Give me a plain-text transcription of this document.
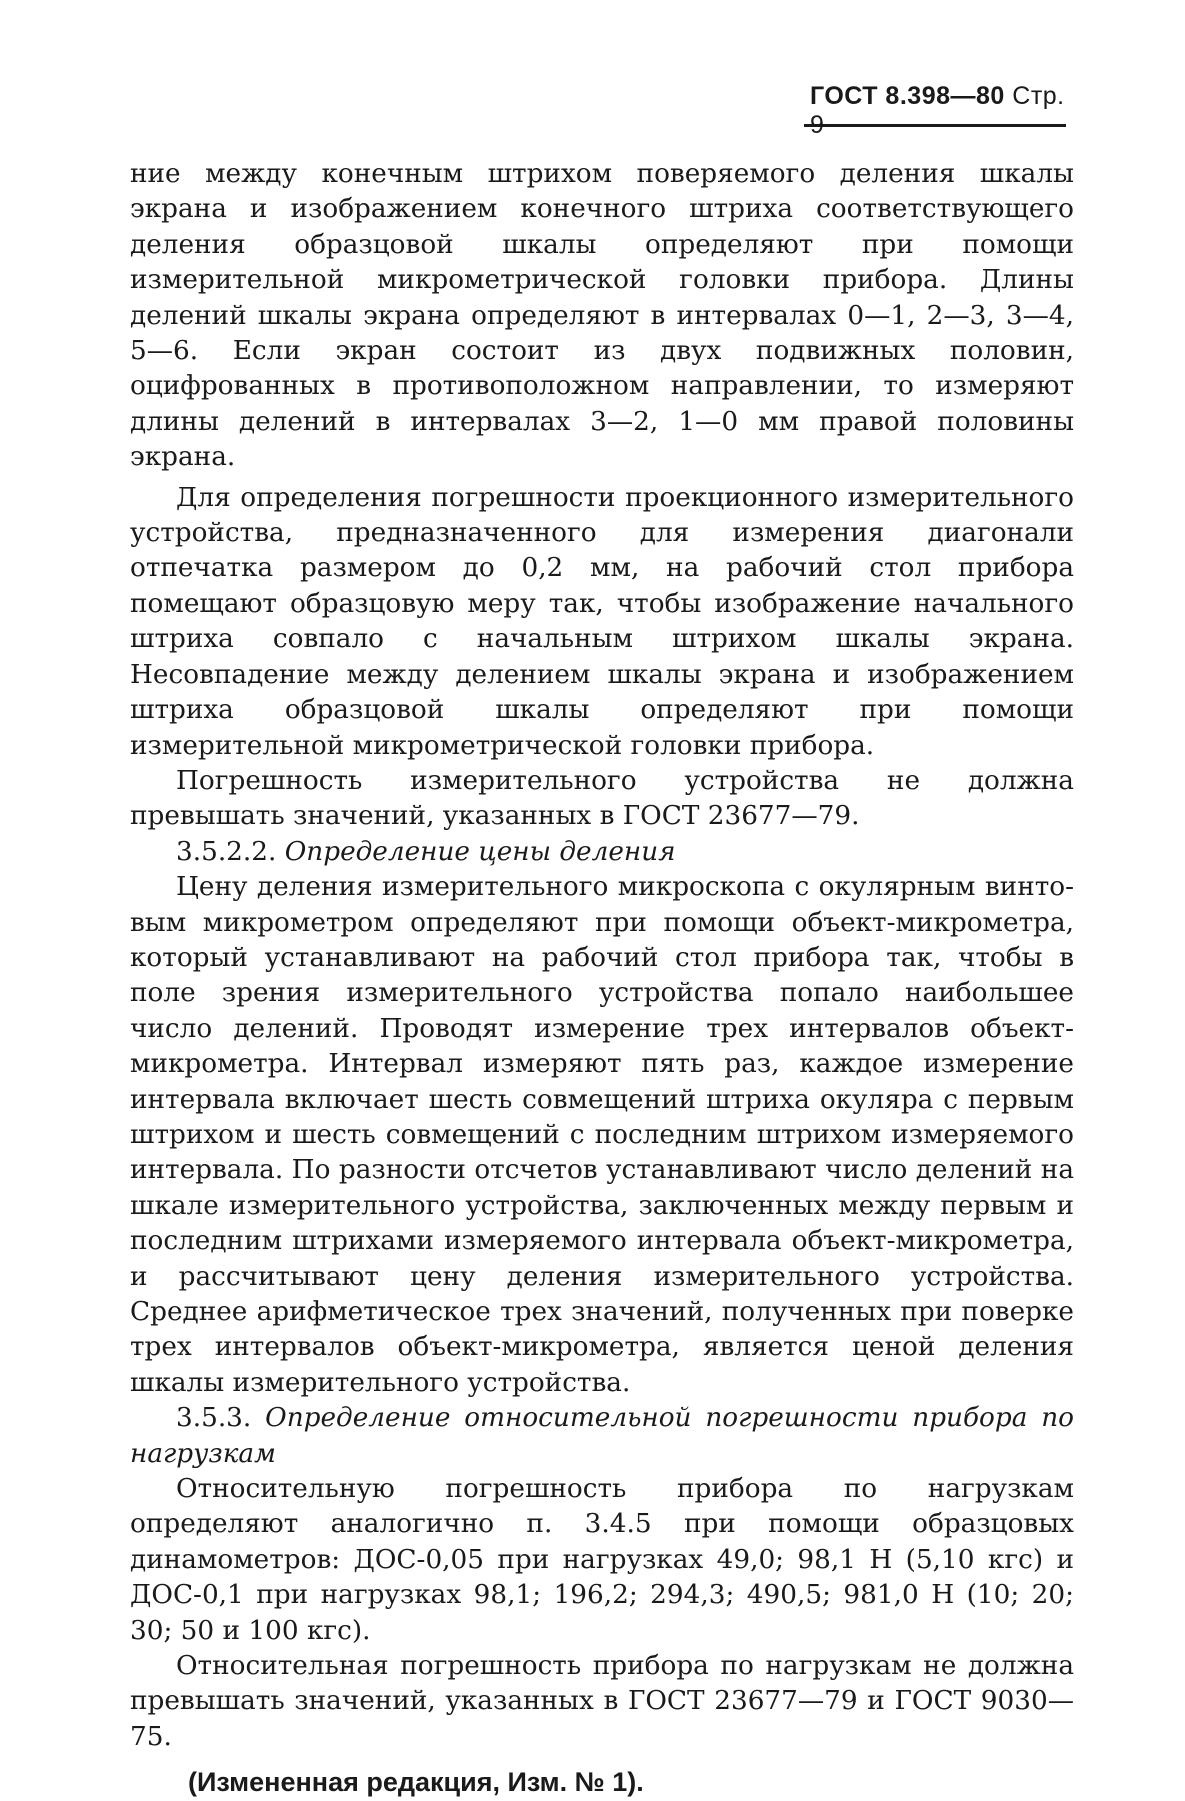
ГОСТ 8.398—80 Стр.

ние между конечным штрихом поверяемого деления шкалы экрана и изображением конечного штриха соответствующего деления образцовой шкалы определяют при помощи измерительной микрометрической головки прибора. Длины делений шкалы экрана определяют в интервалах 0—1, 2—3, 3—4, 5—6. Если экран состоит из двух подвижных половин, оцифрованных в противоположном направлении, то измеряют длины делений в интервалах 3—2, 1—0 мм правой половины экрана.

Для определения погрешности проекционного измерительного устройства, предназначенного для измерения диагонали отпечатка размером до 0,2 мм, на рабочий стол прибора помещают образцовую меру так, чтобы изображение начального штриха совпало с начальным штрихом шкалы экрана. Несовпадение между делением шкалы экрана и изображением штриха образцовой шкалы определяют при помощи измерительной микрометрической головки прибора.

Погрешность измерительного устройства не должна превышать значений, указанных в ГОСТ 23677—79.

3.5.2.2. Определение цены деления

Цену деления измерительного микроскопа с окулярным винтовым микрометром определяют при помощи объект-микрометра, который устанавливают на рабочий стол прибора так, чтобы в поле зрения измерительного устройства попало наибольшее число делений. Проводят измерение трех интервалов объект-микрометра. Интервал измеряют пять раз, каждое измерение интервала включает шесть совмещений штриха окуляра с первым штрихом и шесть совмещений с последним штрихом измеряемого интервала. По разности отсчетов устанавливают число делений на шкале измерительного устройства, заключенных между первым и последним штрихами измеряемого интервала объект-микрометра, и рассчитывают цену деления измерительного устройства. Среднее арифметическое трех значений, полученных при поверке трех интервалов объект-микрометра, является ценой деления шкалы измерительного устройства.

3.5.3. Определение относительной погрешности прибора по нагрузкам

Относительную погрешность прибора по нагрузкам определяют аналогично п. 3.4.5 при помощи образцовых динамометров: ДОС-0,05 при нагрузках 49,0; 98,1 Н (5,10 кгс) и ДОС-0,1 при нагрузках 98,1; 196,2; 294,3; 490,5; 981,0 Н (10; 20; 30; 50 и 100 кгс).

Относительная погрешность прибора по нагрузкам не должна превышать значений, указанных в ГОСТ 23677—79 и ГОСТ 9030—75.

(Измененная редакция, Изм. № 1).
